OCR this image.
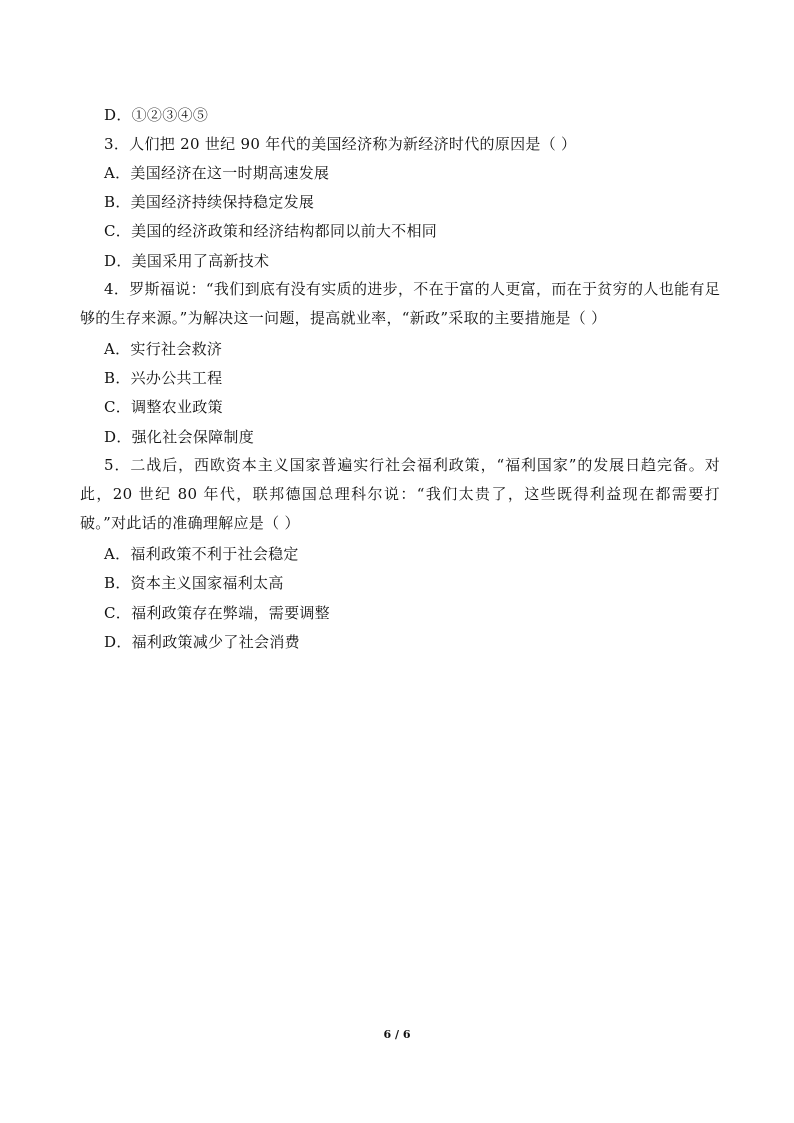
D．①②③④⑤
3．人们把 20 世纪 90 年代的美国经济称为新经济时代的原因是（ ）
A．美国经济在这一时期高速发展
B．美国经济持续保持稳定发展
C．美国的经济政策和经济结构都同以前大不相同
D．美国采用了高新技术
4．罗斯福说：“我们到底有没有实质的进步，不在于富的人更富，而在于贫穷的人也能有足够的生存来源。”为解决这一问题，提高就业率，“新政”采取的主要措施是（ ）
A．实行社会救济
B．兴办公共工程
C．调整农业政策
D．强化社会保障制度
5．二战后，西欧资本主义国家普遍实行社会福利政策，“福利国家”的发展日趋完备。对此，20 世纪 80 年代，联邦德国总理科尔说：“我们太贵了，这些既得利益现在都需要打破。”对此话的准确理解应是（ ）
A．福利政策不利于社会稳定
B．资本主义国家福利太高
C．福利政策存在弊端，需要调整
D．福利政策减少了社会消费
6 / 6
